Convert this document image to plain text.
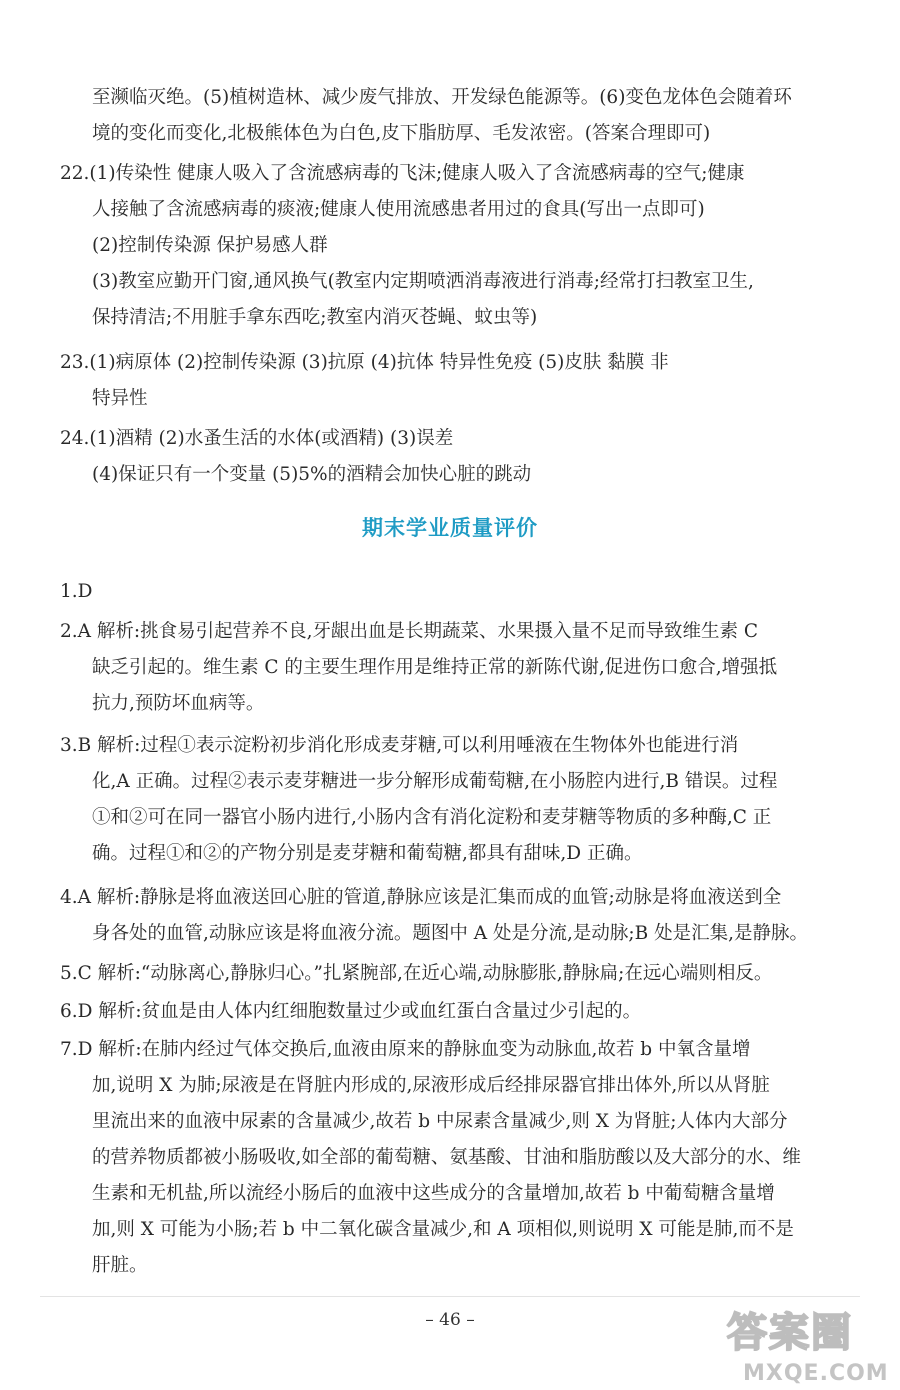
至濒临灭绝。(5)植树造林、减少废气排放、开发绿色能源等。(6)变色龙体色会随着环
境的变化而变化,北极熊体色为白色,皮下脂肪厚、毛发浓密。(答案合理即可)
22.(1)传染性 健康人吸入了含流感病毒的飞沫;健康人吸入了含流感病毒的空气;健康
人接触了含流感病毒的痰液;健康人使用流感患者用过的食具(写出一点即可)
(2)控制传染源 保护易感人群
(3)教室应勤开门窗,通风换气(教室内定期喷洒消毒液进行消毒;经常打扫教室卫生,
保持清洁;不用脏手拿东西吃;教室内消灭苍蝇、蚊虫等)
23.(1)病原体 (2)控制传染源 (3)抗原 (4)抗体 特异性免疫 (5)皮肤 黏膜 非
特异性
24.(1)酒精 (2)水蚤生活的水体(或酒精) (3)误差
(4)保证只有一个变量 (5)5%的酒精会加快心脏的跳动
期末学业质量评价
1.D
2.A 解析:挑食易引起营养不良,牙龈出血是长期蔬菜、水果摄入量不足而导致维生素 C
缺乏引起的。维生素 C 的主要生理作用是维持正常的新陈代谢,促进伤口愈合,增强抵
抗力,预防坏血病等。
3.B 解析:过程①表示淀粉初步消化形成麦芽糖,可以利用唾液在生物体外也能进行消
化,A 正确。过程②表示麦芽糖进一步分解形成葡萄糖,在小肠腔内进行,B 错误。过程
①和②可在同一器官小肠内进行,小肠内含有消化淀粉和麦芽糖等物质的多种酶,C 正
确。过程①和②的产物分别是麦芽糖和葡萄糖,都具有甜味,D 正确。
4.A 解析:静脉是将血液送回心脏的管道,静脉应该是汇集而成的血管;动脉是将血液送到全
身各处的血管,动脉应该是将血液分流。题图中 A 处是分流,是动脉;B 处是汇集,是静脉。
5.C 解析:“动脉离心,静脉归心。”扎紧腕部,在近心端,动脉膨胀,静脉扁;在远心端则相反。
6.D 解析:贫血是由人体内红细胞数量过少或血红蛋白含量过少引起的。
7.D 解析:在肺内经过气体交换后,血液由原来的静脉血变为动脉血,故若 b 中氧含量增
加,说明 X 为肺;尿液是在肾脏内形成的,尿液形成后经排尿器官排出体外,所以从肾脏
里流出来的血液中尿素的含量减少,故若 b 中尿素含量减少,则 X 为肾脏;人体内大部分
的营养物质都被小肠吸收,如全部的葡萄糖、氨基酸、甘油和脂肪酸以及大部分的水、维
生素和无机盐,所以流经小肠后的血液中这些成分的含量增加,故若 b 中葡萄糖含量增
加,则 X 可能为小肠;若 b 中二氧化碳含量减少,和 A 项相似,则说明 X 可能是肺,而不是
肝脏。
– 46 –	答案圈
MXQE.COM
